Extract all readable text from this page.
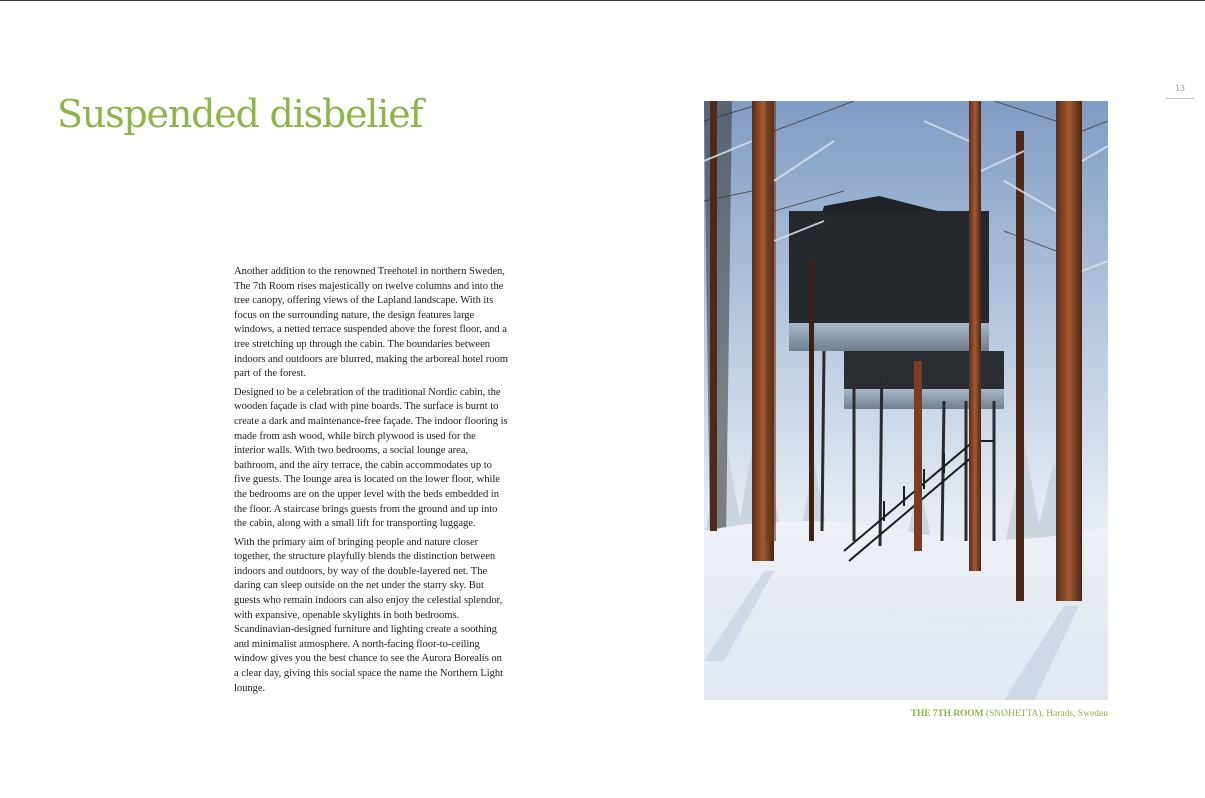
Suspended disbelief
13

Another addition to the renowned Treehotel in northern Sweden, The 7th Room rises majestically on twelve columns and into the tree canopy, offering views of the Lapland landscape. With its focus on the surrounding nature, the design features large windows, a netted terrace suspended above the forest floor, and a tree stretching up through the cabin. The boundaries between indoors and outdoors are blurred, making the arboreal hotel room part of the forest.

Designed to be a celebration of the traditional Nordic cabin, the wooden façade is clad with pine boards. The surface is burnt to create a dark and maintenance-free façade. The indoor flooring is made from ash wood, while birch plywood is used for the interior walls. With two bedrooms, a social lounge area, bathroom, and the airy terrace, the cabin accommodates up to five guests. The lounge area is located on the lower floor, while the bedrooms are on the upper level with the beds embedded in the floor. A staircase brings guests from the ground and up into the cabin, along with a small lift for transporting luggage.

With the primary aim of bringing people and nature closer together, the structure playfully blends the distinction between indoors and outdoors, by way of the double-layered net. The daring can sleep outside on the net under the starry sky. But guests who remain indoors can also enjoy the celestial splendor, with expansive, openable skylights in both bedrooms. Scandinavian-designed furniture and lighting create a soothing and minimalist atmosphere. A north-facing floor-to-ceiling window gives you the best chance to see the Aurora Borealis on a clear day, giving this social space the name the Northern Light lounge.

THE 7TH ROOM (SNØHETTA), Harads, Sweden
